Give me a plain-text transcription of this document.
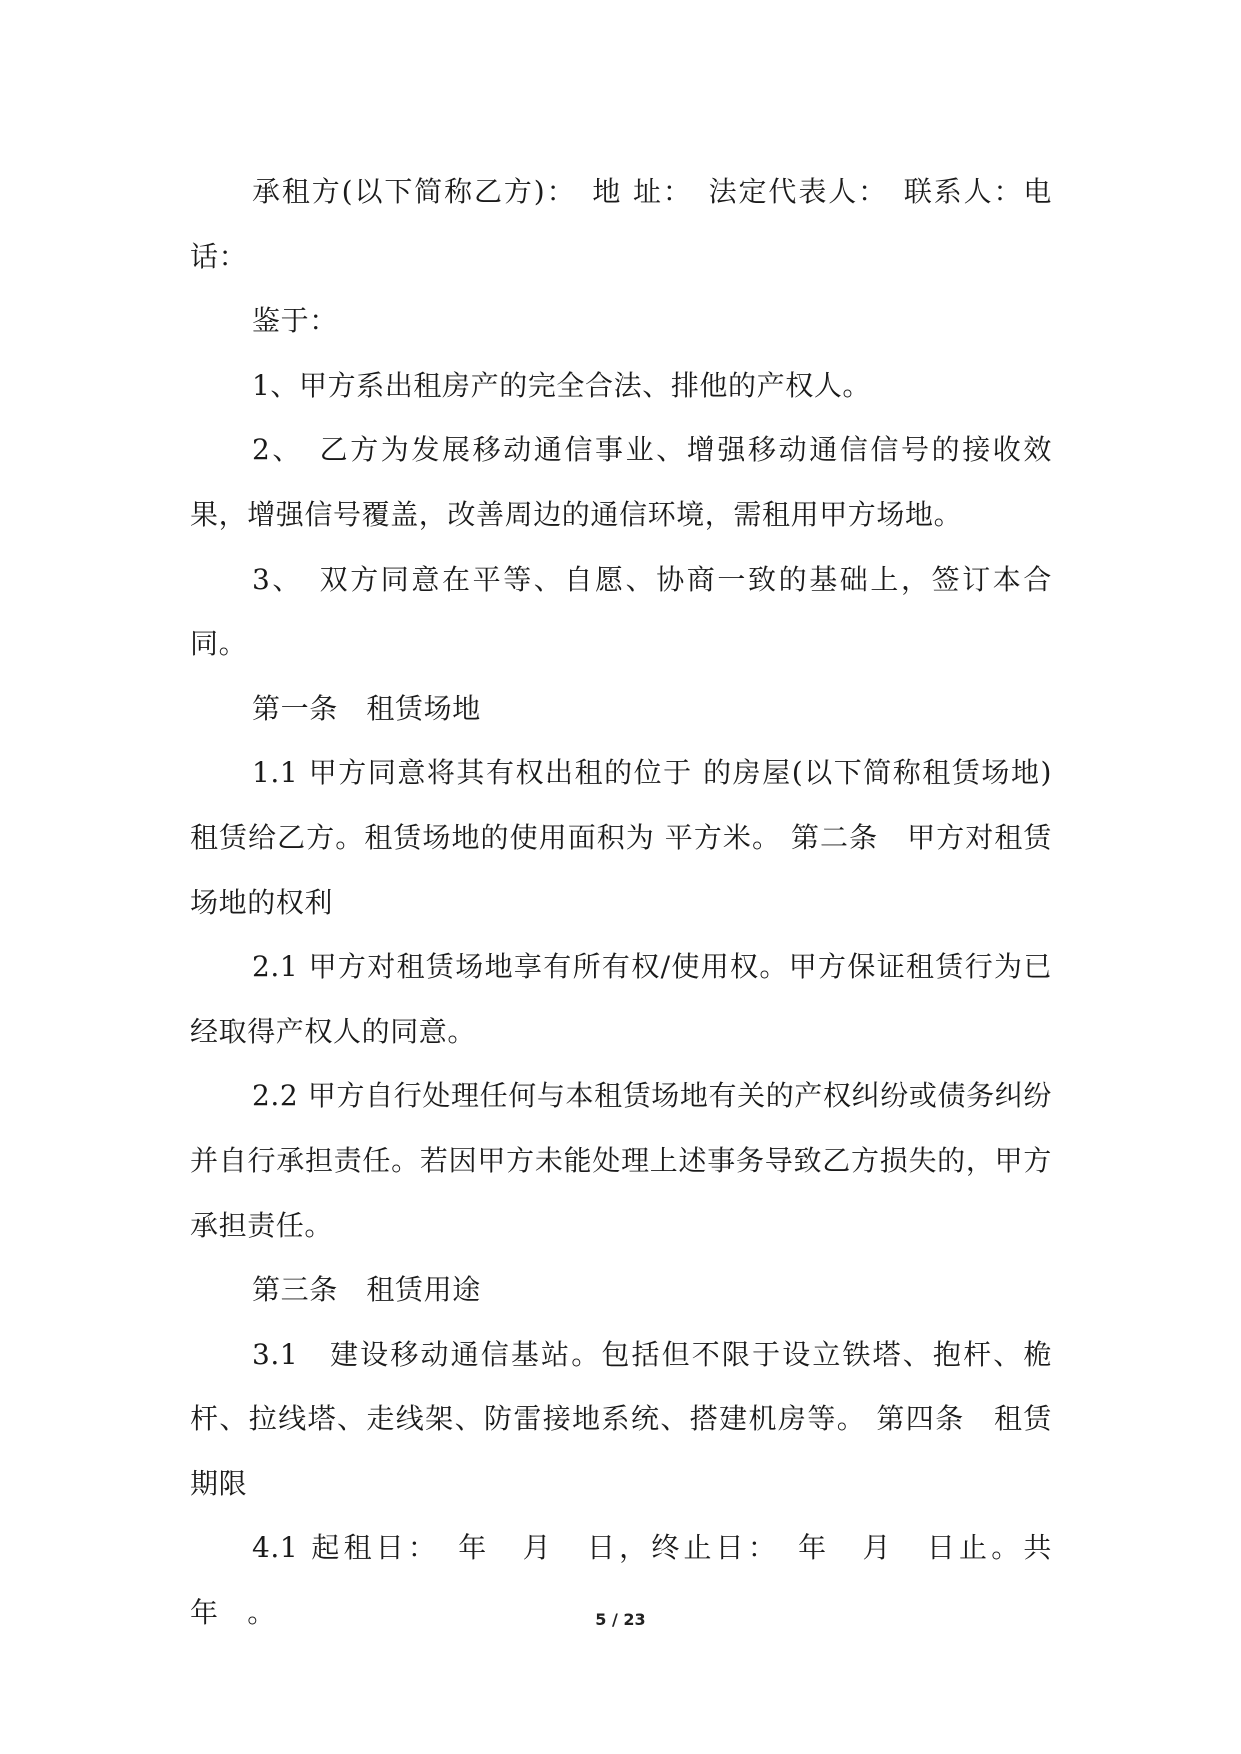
承租方(以下简称乙方)：　地 址：　法定代表人：　联系人：电话：

鉴于：

1、甲方系出租房产的完全合法、排他的产权人。

2、　乙方为发展移动通信事业、增强移动通信信号的接收效果，增强信号覆盖，改善周边的通信环境，需租用甲方场地。

3、　双方同意在平等、自愿、协商一致的基础上，签订本合同。

第一条　租赁场地

1.1 甲方同意将其有权出租的位于 的房屋(以下简称租赁场地)租赁给乙方。租赁场地的使用面积为 平方米。 第二条　甲方对租赁场地的权利

2.1 甲方对租赁场地享有所有权/使用权。甲方保证租赁行为已经取得产权人的同意。

2.2 甲方自行处理任何与本租赁场地有关的产权纠纷或债务纠纷并自行承担责任。若因甲方未能处理上述事务导致乙方损失的，甲方承担责任。

第三条　租赁用途

3.1　建设移动通信基站。包括但不限于设立铁塔、抱杆、桅杆、拉线塔、走线架、防雷接地系统、搭建机房等。 第四条　租赁期限

4.1 起租日：　年　月　日，终止日：　年　月　日止。共　年　。	5 / 23
